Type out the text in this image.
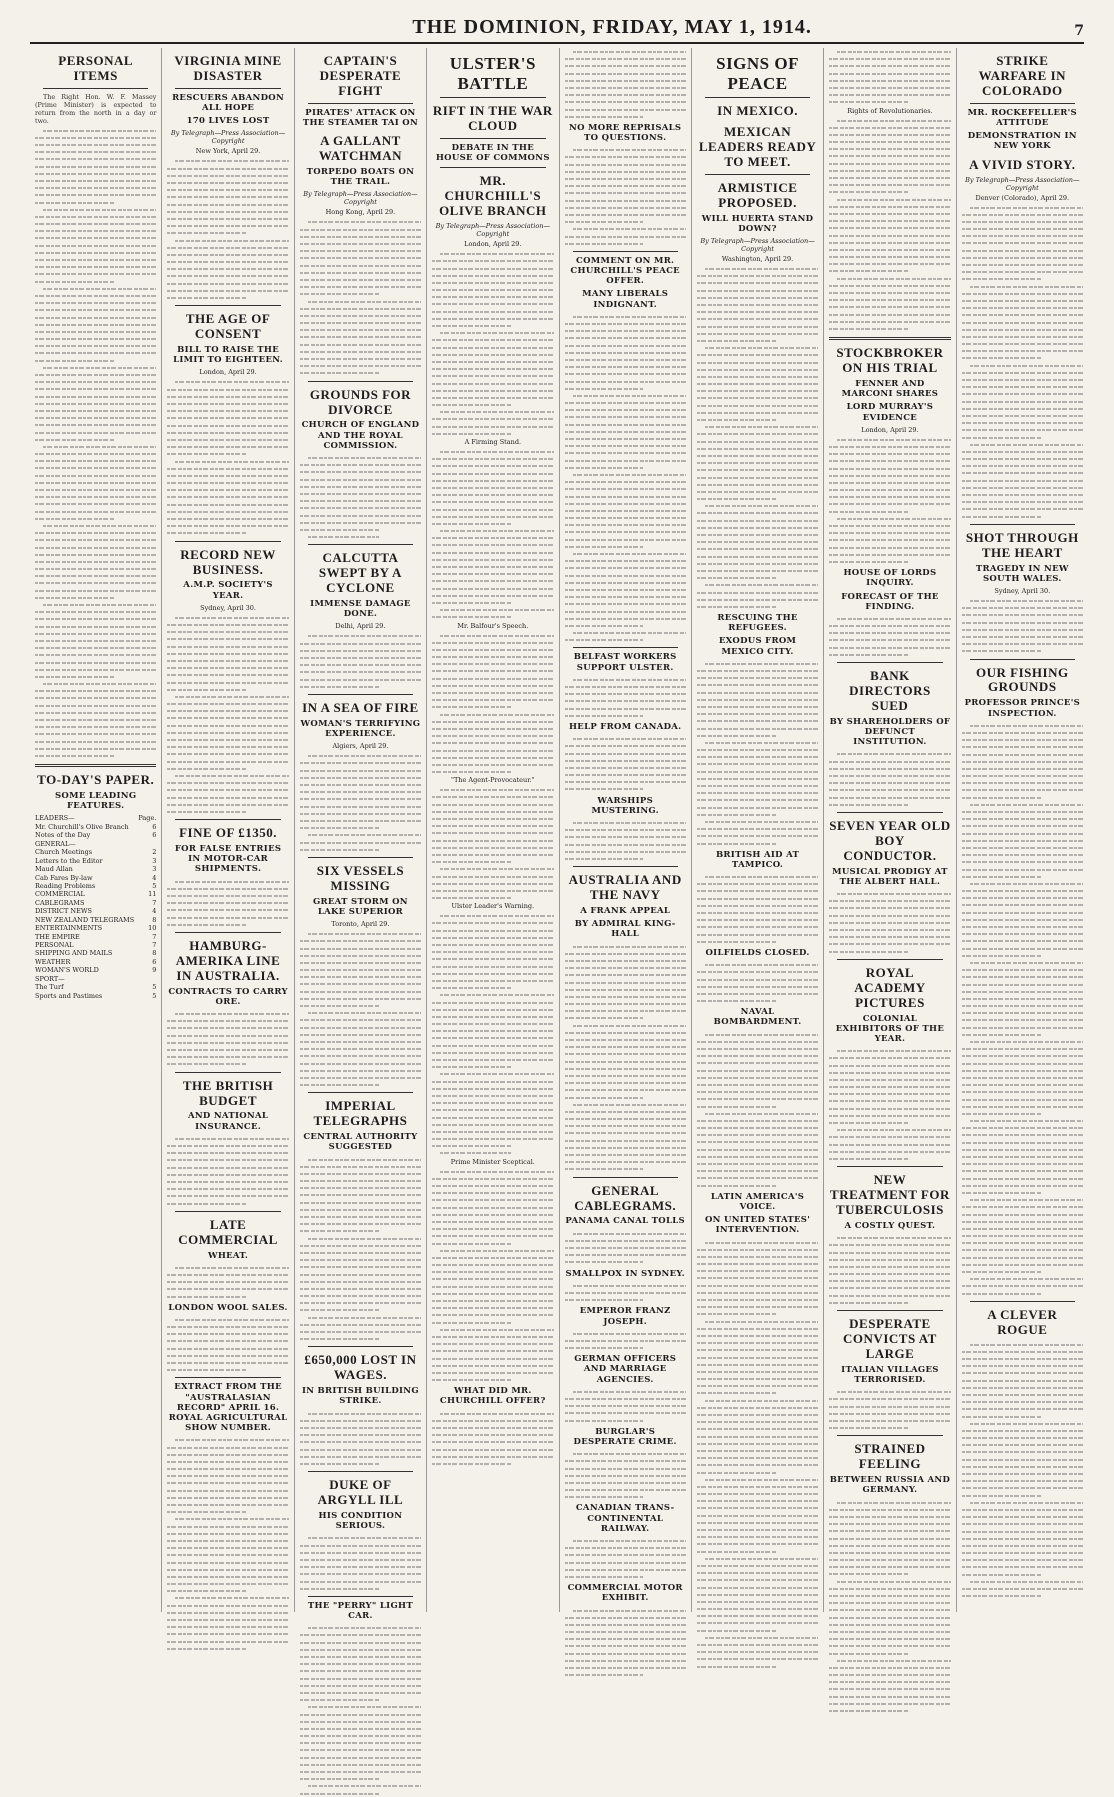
THE DOMINION, FRIDAY, MAY 1, 1914.	7
PERSONAL ITEMS

The Right Hon. W. F. Massey (Prime Minister) is expected to return from the north in a day or two.

TO-DAY'S PAPER.
SOME LEADING FEATURES.
LEADERS—	Page.
Mr. Churchill's Olive Branch	6
Notes of the Day	6
GENERAL—
Church Meetings	2
Letters to the Editor	3
Maud Allan	3
Cab Fares By-law	4
Reading Problems	5
COMMERCIAL	11
CABLEGRAMS	7
DISTRICT NEWS	4
NEW ZEALAND TELEGRAMS	8
ENTERTAINMENTS	10
THE EMPIRE	7
PERSONAL	7
SHIPPING AND MAILS	8
WEATHER	6
WOMAN'S WORLD	9
SPORT—
The Turf	5
Sports and Pastimes	5
VIRGINIA MINE DISASTER
RESCUERS ABANDON ALL HOPE
170 LIVES LOST
By Telegraph—Press Association—Copyright
New York, April 29.
THE AGE OF CONSENT
BILL TO RAISE THE LIMIT TO EIGHTEEN.
London, April 29.
RECORD NEW BUSINESS.
A.M.P. SOCIETY'S YEAR.
Sydney, April 30.
FINE OF £1350.
FOR FALSE ENTRIES IN MOTOR-CAR SHIPMENTS.
HAMBURG-AMERIKA LINE IN AUSTRALIA.
CONTRACTS TO CARRY ORE.
THE BRITISH BUDGET
AND NATIONAL INSURANCE.
LATE COMMERCIAL
WHEAT.
LONDON WOOL SALES.
EXTRACT FROM THE "AUSTRALASIAN RECORD" APRIL 16. ROYAL AGRICULTURAL SHOW NUMBER.
CAPTAIN'S DESPERATE FIGHT
PIRATES' ATTACK ON THE STEAMER TAI ON
A GALLANT WATCHMAN
TORPEDO BOATS ON THE TRAIL.
By Telegraph—Press Association—Copyright
Hong Kong, April 29.
GROUNDS FOR DIVORCE
CHURCH OF ENGLAND AND THE ROYAL COMMISSION.
CALCUTTA SWEPT BY A CYCLONE
IMMENSE DAMAGE DONE.
Delhi, April 29.
IN A SEA OF FIRE
WOMAN'S TERRIFYING EXPERIENCE.
Algiers, April 29.
SIX VESSELS MISSING
GREAT STORM ON LAKE SUPERIOR
Toronto, April 29.
IMPERIAL TELEGRAPHS
CENTRAL AUTHORITY SUGGESTED
£650,000 LOST IN WAGES.
IN BRITISH BUILDING STRIKE.
DUKE OF ARGYLL ILL
HIS CONDITION SERIOUS.
THE "PERRY" LIGHT CAR.
ULSTER'S BATTLE
RIFT IN THE WAR CLOUD
DEBATE IN THE HOUSE OF COMMONS
MR. CHURCHILL'S OLIVE BRANCH
By Telegraph—Press Association—Copyright
London, April 29.
A Firming Stand.
Mr. Balfour's Speech.
"The Agent-Provocateur."
Ulster Leader's Warning.
Prime Minister Sceptical.
WHAT DID MR. CHURCHILL OFFER?
NO MORE REPRISALS TO QUESTIONS.
COMMENT ON MR. CHURCHILL'S PEACE OFFER.
MANY LIBERALS INDIGNANT.
BELFAST WORKERS SUPPORT ULSTER.
HELP FROM CANADA.
WARSHIPS MUSTERING.
AUSTRALIA AND THE NAVY
A FRANK APPEAL
BY ADMIRAL KING-HALL
GENERAL CABLEGRAMS.
PANAMA CANAL TOLLS
SMALLPOX IN SYDNEY.
EMPEROR FRANZ JOSEPH.
GERMAN OFFICERS AND MARRIAGE AGENCIES.
BURGLAR'S DESPERATE CRIME.
CANADIAN TRANS-CONTINENTAL RAILWAY.
COMMERCIAL MOTOR EXHIBIT.
SIGNS OF PEACE
IN MEXICO.
MEXICAN LEADERS READY TO MEET.
ARMISTICE PROPOSED.
WILL HUERTA STAND DOWN?
By Telegraph—Press Association—Copyright
Washington, April 29.
RESCUING THE REFUGEES.
EXODUS FROM MEXICO CITY.
BRITISH AID AT TAMPICO.
OILFIELDS CLOSED.
NAVAL BOMBARDMENT.
LATIN AMERICA'S VOICE.
ON UNITED STATES' INTERVENTION.
Rights of Revolutionaries.
STOCKBROKER ON HIS TRIAL
FENNER AND MARCONI SHARES
LORD MURRAY'S EVIDENCE
London, April 29.
HOUSE OF LORDS INQUIRY.
FORECAST OF THE FINDING.
BANK DIRECTORS SUED
BY SHAREHOLDERS OF DEFUNCT INSTITUTION.
SEVEN YEAR OLD BOY CONDUCTOR.
MUSICAL PRODIGY AT THE ALBERT HALL.
ROYAL ACADEMY PICTURES
COLONIAL EXHIBITORS OF THE YEAR.
NEW TREATMENT FOR TUBERCULOSIS
A COSTLY QUEST.
DESPERATE CONVICTS AT LARGE
ITALIAN VILLAGES TERRORISED.
STRAINED FEELING
BETWEEN RUSSIA AND GERMANY.
STRIKE WARFARE IN COLORADO
MR. ROCKEFELLER'S ATTITUDE
DEMONSTRATION IN NEW YORK
A VIVID STORY.
By Telegraph—Press Association—Copyright
Denver (Colorado), April 29.
SHOT THROUGH THE HEART
TRAGEDY IN NEW SOUTH WALES.
Sydney, April 30.
OUR FISHING GROUNDS
PROFESSOR PRINCE'S INSPECTION.
A CLEVER ROGUE
